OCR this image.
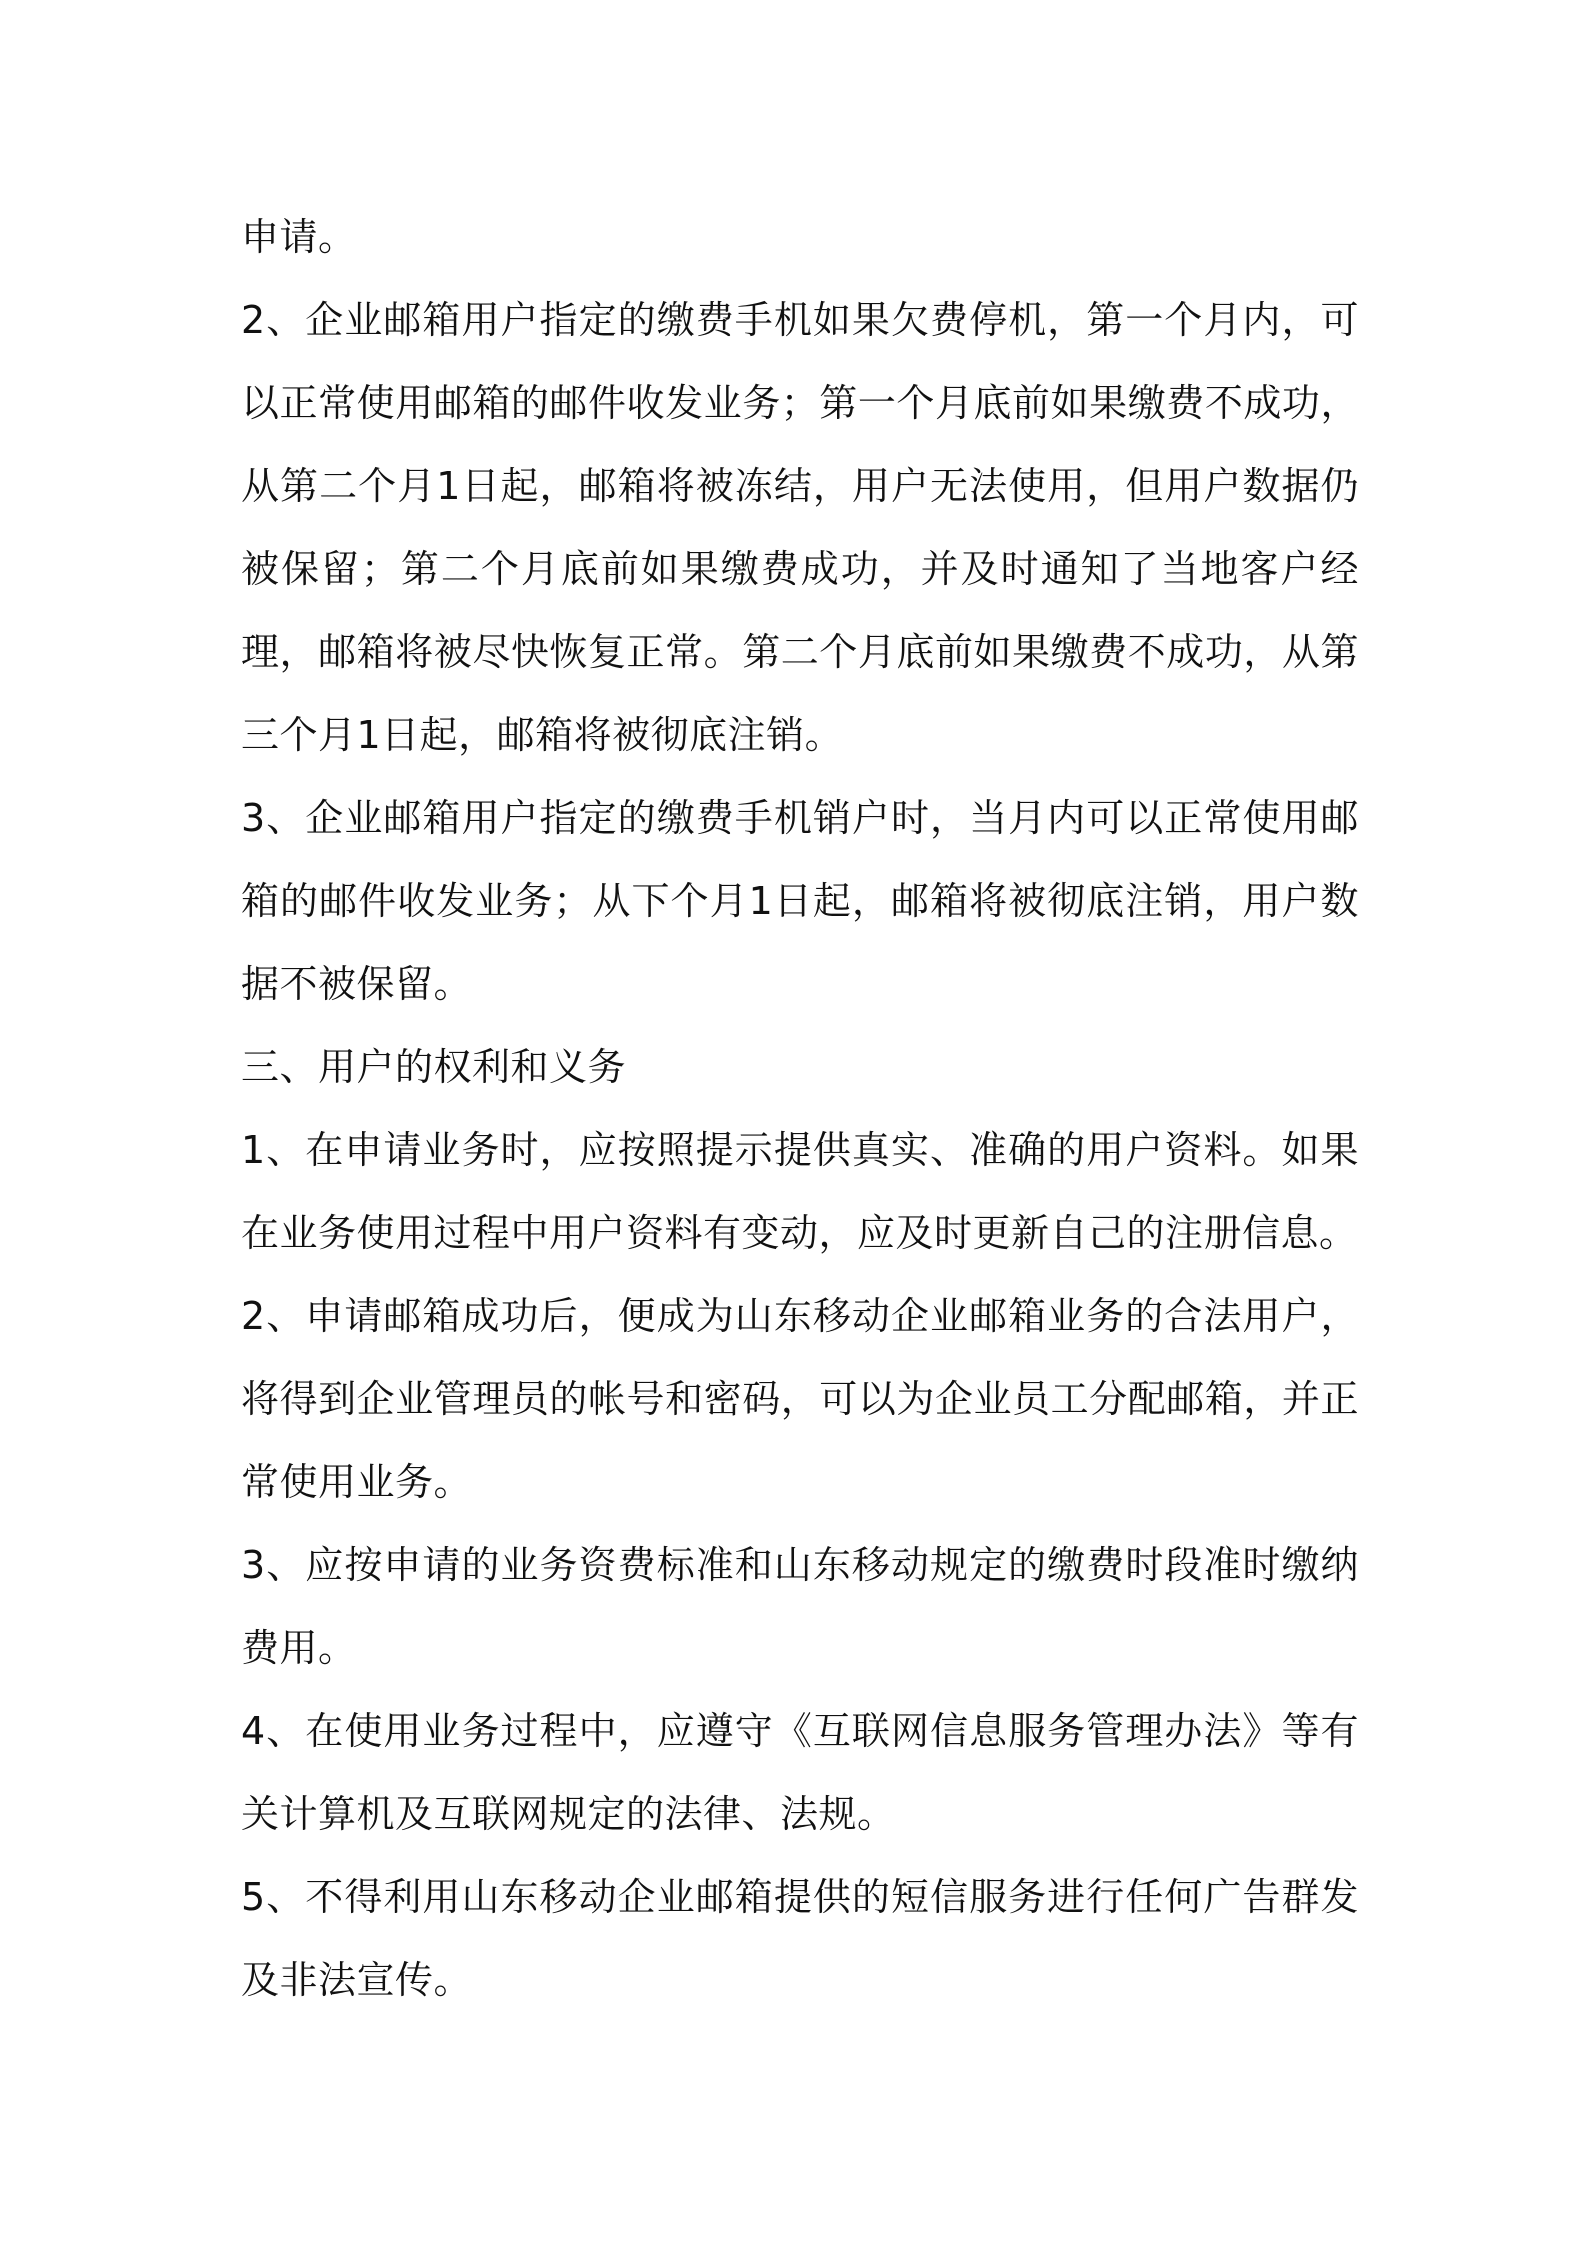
申请。

2、企业邮箱用户指定的缴费手机如果欠费停机，第一个月内，可以正常使用邮箱的邮件收发业务；第一个月底前如果缴费不成功，从第二个月1日起，邮箱将被冻结，用户无法使用，但用户数据仍被保留；第二个月底前如果缴费成功，并及时通知了当地客户经理，邮箱将被尽快恢复正常。第二个月底前如果缴费不成功，从第三个月1日起，邮箱将被彻底注销。

3、企业邮箱用户指定的缴费手机销户时，当月内可以正常使用邮箱的邮件收发业务；从下个月1日起，邮箱将被彻底注销，用户数据不被保留。

三、用户的权利和义务

1、在申请业务时，应按照提示提供真实、准确的用户资料。如果在业务使用过程中用户资料有变动，应及时更新自己的注册信息。

2、申请邮箱成功后，便成为山东移动企业邮箱业务的合法用户，将得到企业管理员的帐号和密码，可以为企业员工分配邮箱，并正常使用业务。

3、应按申请的业务资费标准和山东移动规定的缴费时段准时缴纳费用。

4、在使用业务过程中，应遵守《互联网信息服务管理办法》等有关计算机及互联网规定的法律、法规。

5、不得利用山东移动企业邮箱提供的短信服务进行任何广告群发及非法宣传。
